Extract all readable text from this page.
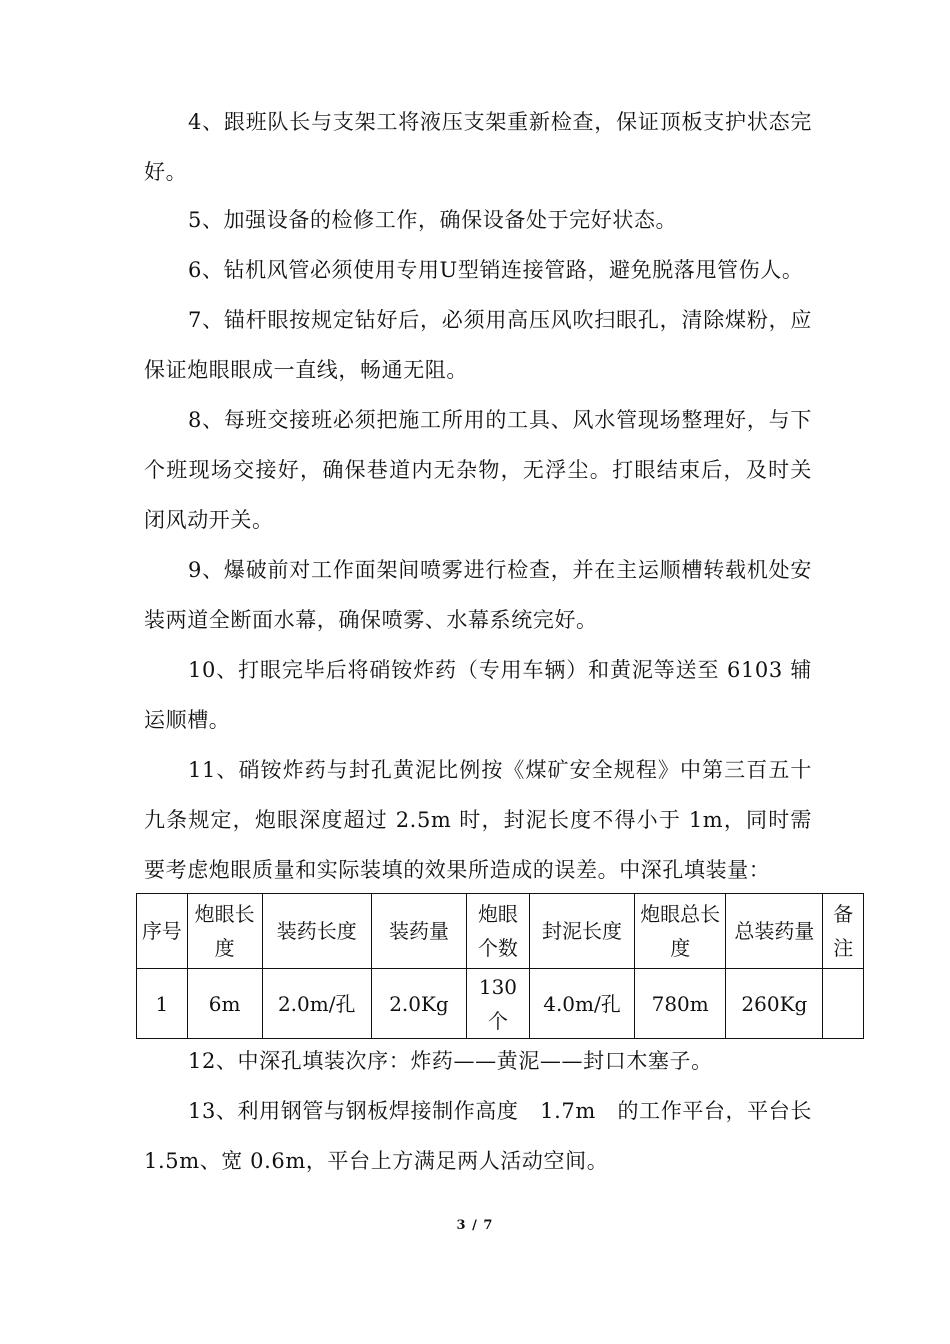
4、跟班队长与支架工将液压支架重新检查，保证顶板支护状态完好。

5、加强设备的检修工作，确保设备处于完好状态。

6、钻机风管必须使用专用U型销连接管路，避免脱落甩管伤人。

7、锚杆眼按规定钻好后，必须用高压风吹扫眼孔，清除煤粉，应保证炮眼眼成一直线，畅通无阻。

8、每班交接班必须把施工所用的工具、风水管现场整理好，与下个班现场交接好，确保巷道内无杂物，无浮尘。打眼结束后，及时关闭风动开关。

9、爆破前对工作面架间喷雾进行检查，并在主运顺槽转载机处安装两道全断面水幕，确保喷雾、水幕系统完好。

10、打眼完毕后将硝铵炸药（专用车辆）和黄泥等送至 6103 辅运顺槽。

11、硝铵炸药与封孔黄泥比例按《煤矿安全规程》中第三百五十九条规定，炮眼深度超过 2.5m 时，封泥长度不得小于 1m，同时需要考虑炮眼质量和实际装填的效果所造成的误差。中深孔填装量：

序号	炮眼长度	装药长度	装药量	炮眼个数	封泥长度	炮眼总长度	总装药量	备注
1	6m	2.0m/孔	2.0Kg	130个	4.0m/孔	780m	260Kg	

12、中深孔填装次序：炸药——黄泥——封口木塞子。

13、利用钢管与钢板焊接制作高度　1.7m　的工作平台，平台长1.5m、宽 0.6m，平台上方满足两人活动空间。

3 / 7
